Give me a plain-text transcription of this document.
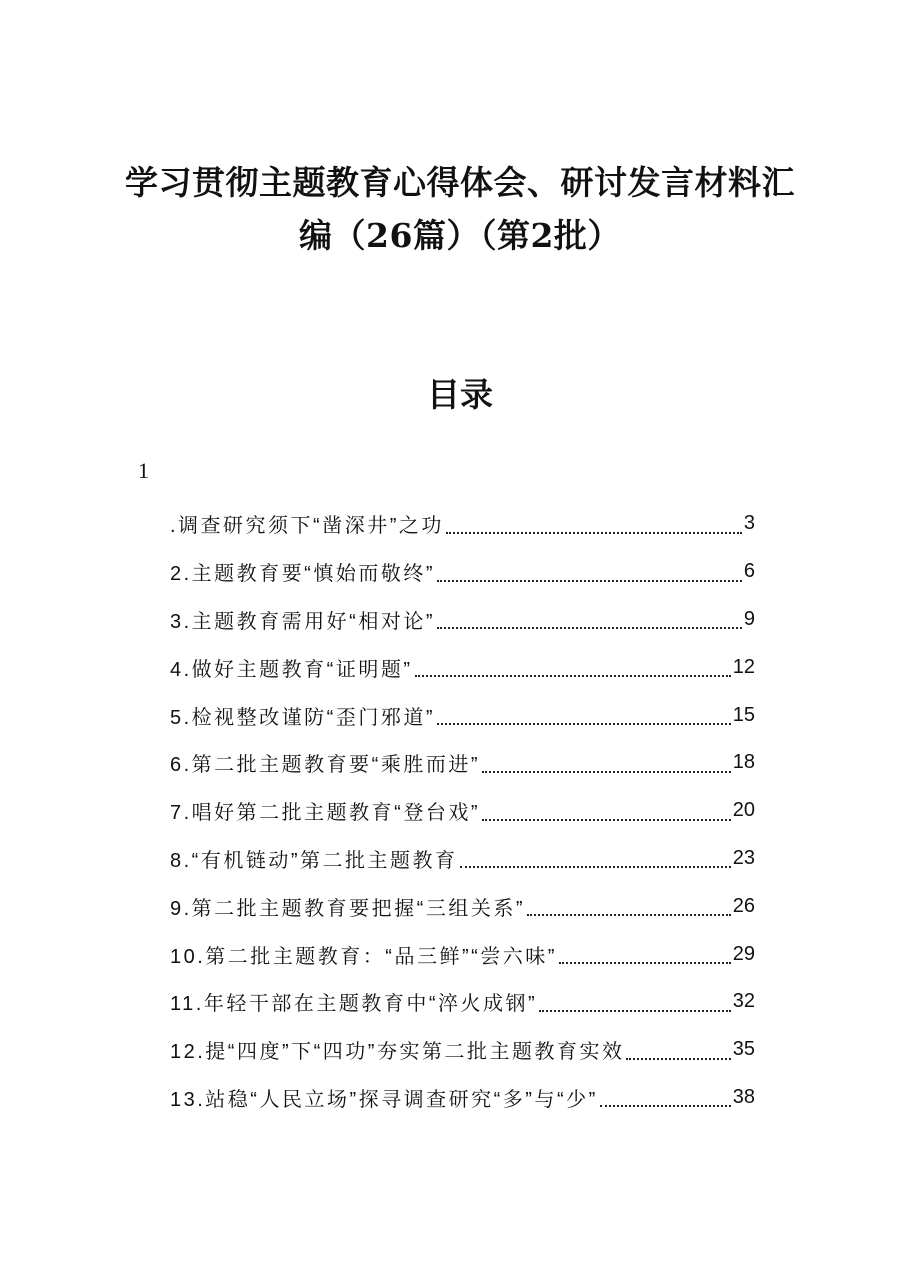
学习贯彻主题教育心得体会、研讨发言材料汇
编（26篇）（第2批）
目录
1
.调查研究须下“凿深井”之功	3
2.主题教育要“慎始而敬终”	6
3.主题教育需用好“相对论”	9
4.做好主题教育“证明题”	12
5.检视整改谨防“歪门邪道”	15
6.第二批主题教育要“乘胜而进”	18
7.唱好第二批主题教育“登台戏”	20
8.“有机链动”第二批主题教育	23
9.第二批主题教育要把握“三组关系”	26
10.第二批主题教育：“品三鲜”“尝六味”	29
11.年轻干部在主题教育中“淬火成钢”	32
12.提“四度”下“四功”夯实第二批主题教育实效	35
13.站稳“人民立场”探寻调查研究“多”与“少”	38
